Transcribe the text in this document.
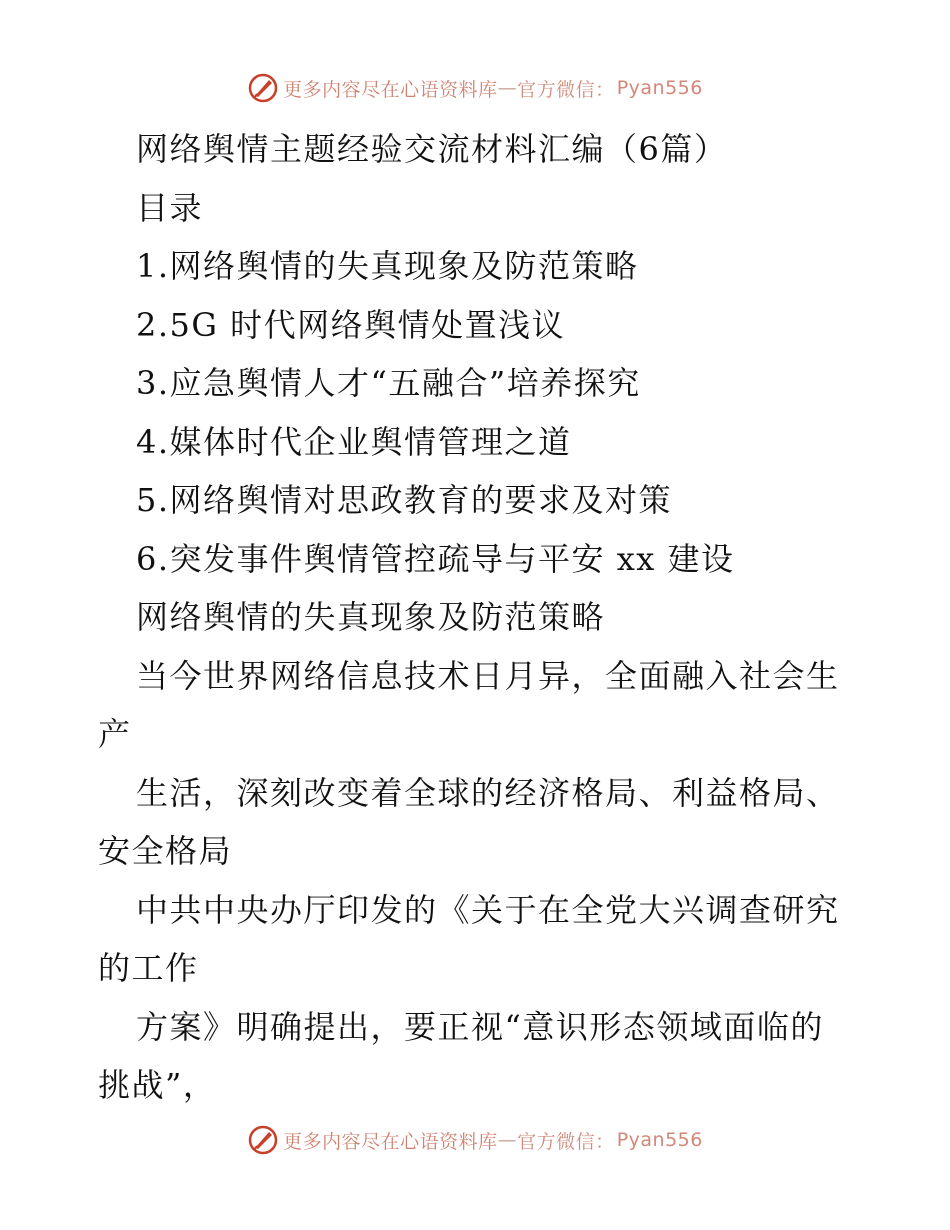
更多内容尽在心语资料库 — 官方微信： Pyan556
网络舆情主题经验交流材料汇编（6篇）
目录
1.网络舆情的失真现象及防范策略
2.5G 时代网络舆情处置浅议
3.应急舆情人才“五融合”培养探究
4.媒体时代企业舆情管理之道
5.网络舆情对思政教育的要求及对策
6.突发事件舆情管控疏导与平安 xx 建设
网络舆情的失真现象及防范策略
当今世界网络信息技术日月异，全面融入社会生
产
生活，深刻改变着全球的经济格局、利益格局、
安全格局
中共中央办厅印发的《关于在全党大兴调查研究
的工作
方案》明确提出，要正视“意识形态领域面临的
挑战”，
更多内容尽在心语资料库 — 官方微信： Pyan556
